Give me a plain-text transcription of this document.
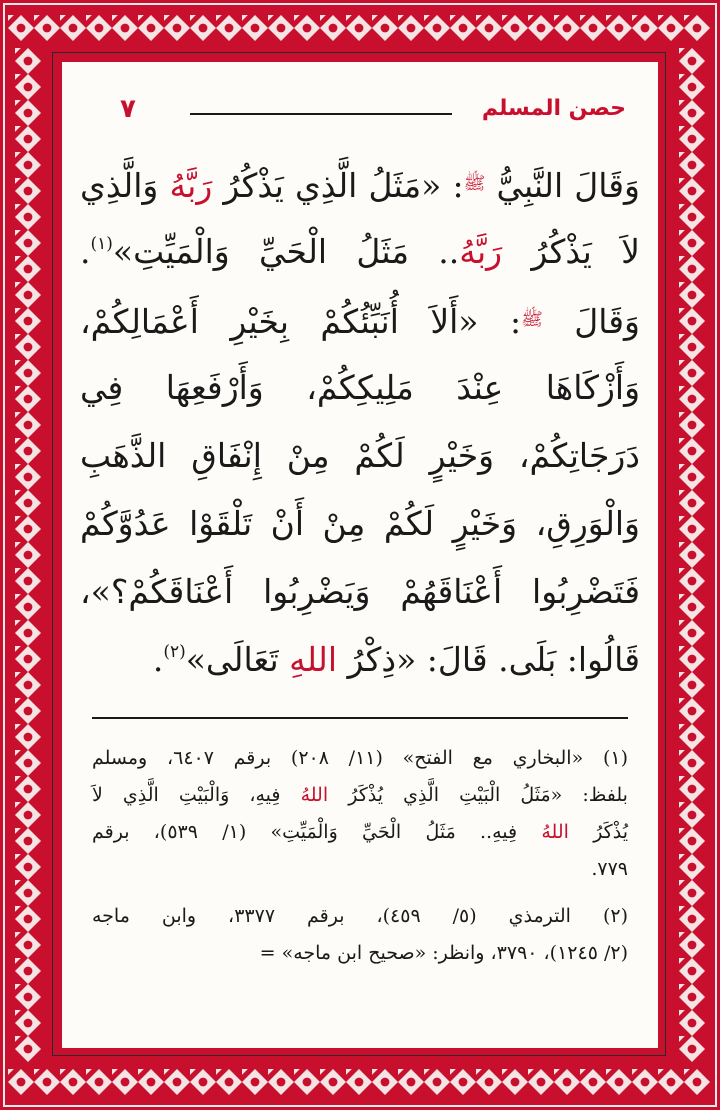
حصن المسلم
٧
وَقَالَ النَّبِيُّ $^ﷺ$: «مَثَلُ الَّذِي يَذْكُرُ رَبَّهُ وَالَّذِي
لاَ يَذْكُرُ رَبَّهُ.. مَثَلُ الْحَيِّ وَالْمَيِّتِ»$^{(١)}$.
وَقَالَ $^ﷺ$: «أَلاَ أُنَبِّئُكُمْ بِخَيْرِ أَعْمَالِكُمْ،
وَأَزْكَاهَا عِنْدَ مَلِيكِكُمْ، وَأَرْفَعِهَا فِي
دَرَجَاتِكُمْ، وَخَيْرٍ لَكُمْ مِنْ إِنْفَاقِ الذَّهَبِ
وَالْوَرِقِ، وَخَيْرٍ لَكُمْ مِنْ أَنْ تَلْقَوْا عَدُوَّكُمْ
فَتَضْرِبُوا أَعْنَاقَهُمْ وَيَضْرِبُوا أَعْنَاقَكُمْ؟»،
قَالُوا: بَلَى. قَالَ: «ذِكْرُ اللهِ تَعَالَى»$^{(٢)}$.
(١) «البخاري مع الفتح» (١١/ ٢٠٨) برقم ٦٤٠٧، ومسلم
بلفظ: «مَثَلُ الْبَيْتِ الَّذِي يُذْكَرُ اللهُ فِيهِ، وَالْبَيْتِ الَّذِي لاَ
يُذْكَرُ اللهُ فِيهِ.. مَثَلُ الْحَيِّ وَالْمَيِّتِ» (١/ ٥٣٩)، برقم
٧٧٩.
(٢) الترمذي (٥/ ٤٥٩)، برقم ٣٣٧٧، وابن ماجه
(٢/ ١٢٤٥)، ٣٧٩٠، وانظر: «صحيح ابن ماجه» =
